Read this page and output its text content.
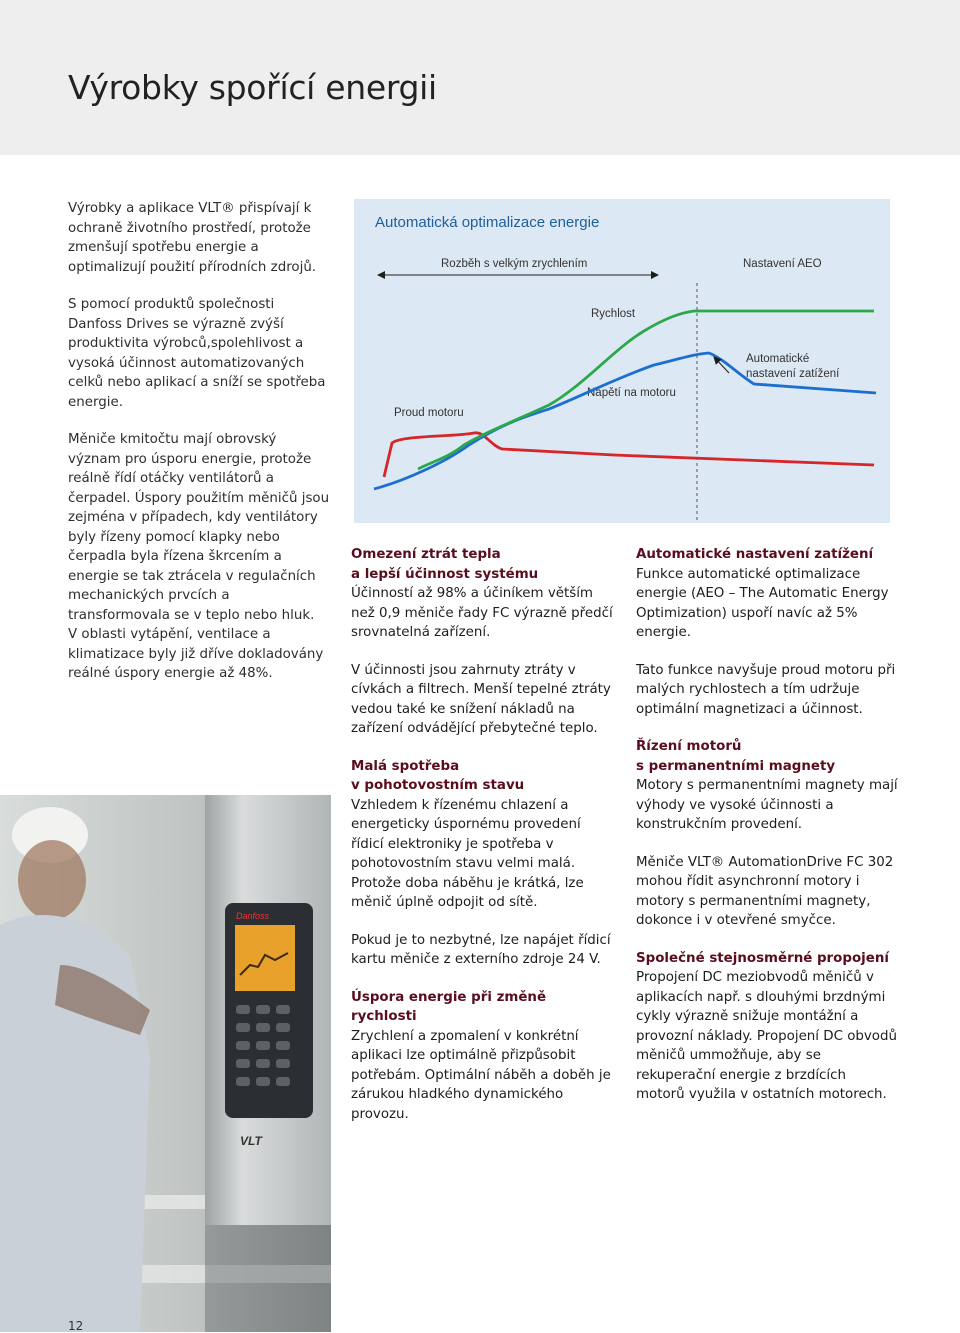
Výrobky spořící energii

Výrobky a aplikace VLT® přispívají k ochraně životního prostředí, protože zmenšují spotřebu energie a optimalizují použití přírodních zdrojů.

S pomocí produktů společnosti Danfoss Drives se výrazně zvýší produktivita výrobců,spolehlivost a vysoká účinnost automatizovaných celků nebo aplikací a sníží se spotřeba energie.

Měniče kmitočtu mají obrovský význam pro úsporu energie, protože reálně řídí otáčky ventilátorů a čerpadel. Úspory použitím měničů jsou zejména v případech, kdy ventilátory byly řízeny pomocí klapky nebo čerpadla byla řízena škrcením a energie se tak ztrácela v regulačních mechanických prvcích a transformovala se v teplo nebo hluk.
V oblasti vytápění, ventilace a klimatizace byly již dříve dokladovány reálné úspory energie až 48%.

Automatická optimalizace energie
Rozběh s velkým zrychlením	Nastavení AEO
Rychlost
Napětí na motoru
Proud motoru
Automatické
nastavení zatížení

Omezení ztrát tepla
a lepší účinnost systému
Účinností až 98% a účiníkem větším než 0,9 měniče řady FC výrazně předčí srovnatelná zařízení.

V účinnosti jsou zahrnuty ztráty v cívkách a filtrech. Menší tepelné ztráty vedou také ke snížení nákladů na zařízení odvádějící přebytečné teplo.

Malá spotřeba
v pohotovostním stavu
Vzhledem k řízenému chlazení a energeticky úspornému provedení řídicí elektroniky je spotřeba v pohotovostním stavu velmi malá. Protože doba náběhu je krátká, lze měnič úplně odpojit od sítě.

Pokud je to nezbytné, lze napájet řídicí kartu měniče z externího zdroje 24 V.

Úspora energie při změně rychlosti
Zrychlení a zpomalení v konkrétní aplikaci lze optimálně přizpůsobit potřebám. Optimální náběh a doběh je zárukou hladkého dynamického provozu.

Automatické nastavení zatížení
Funkce automatické optimalizace energie (AEO – The Automatic Energy Optimization) uspoří navíc až 5% energie.

Tato funkce navyšuje proud motoru při malých rychlostech a tím udržuje optimální magnetizaci a účinnost.

Řízení motorů
s permanentními magnety
Motory s permanentními magnety mají výhody ve vysoké účinnosti a konstrukčním provedení.

Měniče VLT® AutomationDrive FC 302 mohou řídit asynchronní motory i motory s permanentními magnety, dokonce i v otevřené smyčce.

Společné stejnosměrné propojení
Propojení DC meziobvodů měničů v aplikacích např. s dlouhými brzdnými cykly výrazně snižuje montážní a provozní náklady. Propojení DC obvodů měničů ummožňuje, aby se rekuperační energie z brzdících motorů využila v ostatních motorech.

Danfoss
VLT
12
